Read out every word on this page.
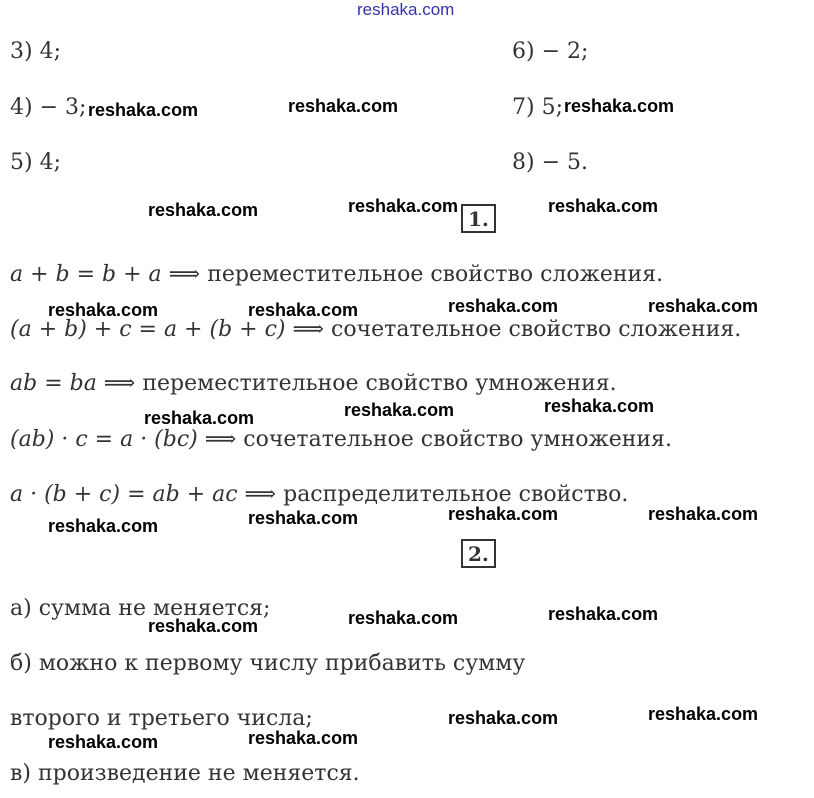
reshaka.com
3) 4;
4) − 3;
5) 4;
6) − 2;
7) 5;
8) − 5.
1.
a + b = b + a ⟹ переместительное свойство сложения.
(a + b) + c = a + (b + c) ⟹ сочетательное свойство сложения.
ab = ba ⟹ переместительное свойство умножения.
(ab) · c = a · (bc) ⟹ сочетательное свойство умножения.
a · (b + c) = ab + ac ⟹ распределительное свойство.
2.
а) сумма не меняется;
б) можно к первому числу прибавить сумму
второго и третьего числа;
в) произведение не меняется.
reshaka.com	reshaka.com	reshaka.com
reshaka.com	reshaka.com	reshaka.com
reshaka.com	reshaka.com	reshaka.com	reshaka.com
reshaka.com	reshaka.com	reshaka.com
reshaka.com	reshaka.com	reshaka.com	reshaka.com
reshaka.com	reshaka.com	reshaka.com
reshaka.com	reshaka.com
reshaka.com	reshaka.com
